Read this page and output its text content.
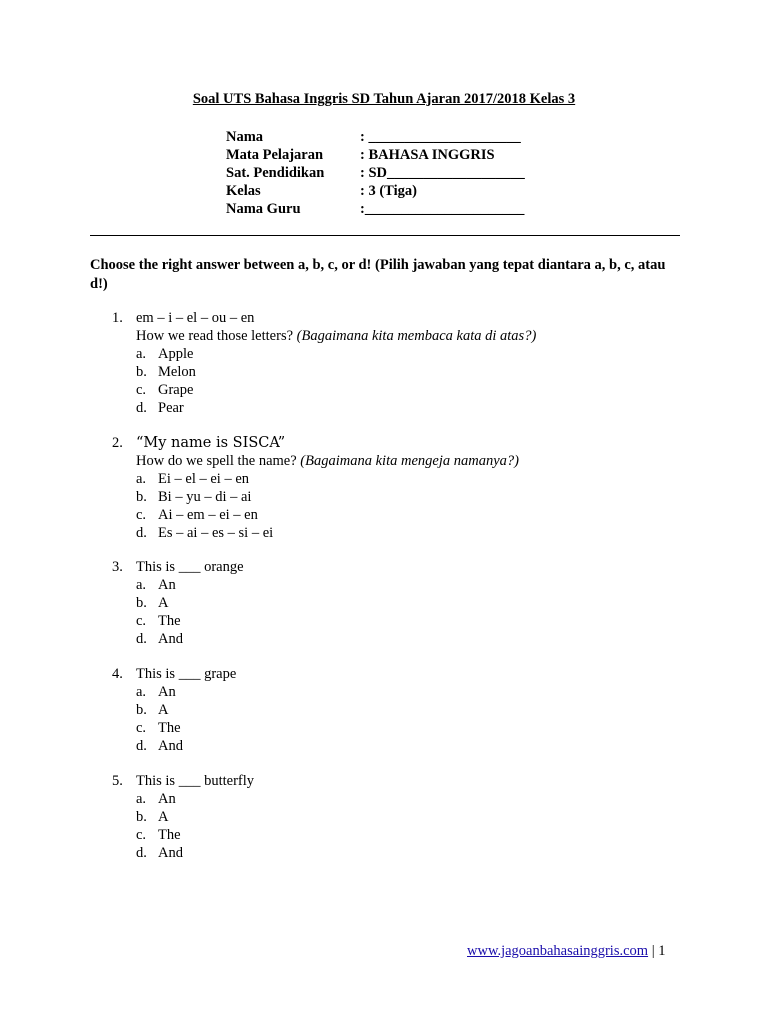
Soal UTS Bahasa Inggris SD Tahun Ajaran 2017/2018 Kelas 3
Nama	: _____________________
Mata Pelajaran	: BAHASA INGGRIS
Sat. Pendidikan	: SD___________________
Kelas	: 3 (Tiga)
Nama Guru	:______________________
Choose the right answer between a, b, c, or d! (Pilih jawaban yang tepat diantara a, b, c, atau d!)
1. em – i – el – ou – en
How we read those letters? (Bagaimana kita membaca kata di atas?)
a. Apple
b. Melon
c. Grape
d. Pear
2. “My name is SISCA”
How do we spell the name? (Bagaimana kita mengeja namanya?)
a. Ei – el – ei – en
b. Bi – yu – di – ai
c. Ai – em – ei – en
d. Es – ai – es – si – ei
3. This is ___ orange
a. An
b. A
c. The
d. And
4. This is ___ grape
a. An
b. A
c. The
d. And
5. This is ___ butterfly
a. An
b. A
c. The
d. And
www.jagoanbahasainggris.com | 1
